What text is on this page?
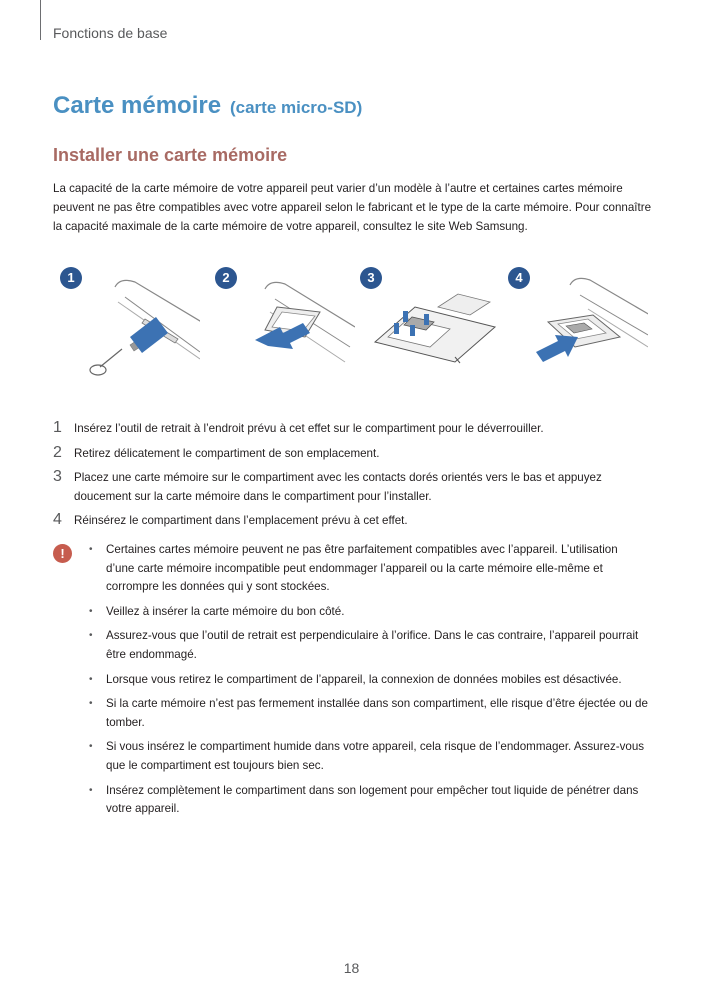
Fonctions de base
Carte mémoire (carte micro-SD)
Installer une carte mémoire

La capacité de la carte mémoire de votre appareil peut varier d’un modèle à l’autre et certaines cartes mémoire peuvent ne pas être compatibles avec votre appareil selon le fabricant et le type de la carte mémoire. Pour connaître la capacité maximale de la carte mémoire de votre appareil, consultez le site Web Samsung.

1	2	3	4
1 Insérez l’outil de retrait à l’endroit prévu à cet effet sur le compartiment pour le déverrouiller.
2 Retirez délicatement le compartiment de son emplacement.
3 Placez une carte mémoire sur le compartiment avec les contacts dorés orientés vers le bas et appuyez doucement sur la carte mémoire dans le compartiment pour l’installer.
4 Réinsérez le compartiment dans l’emplacement prévu à cet effet.
!
•	Certaines cartes mémoire peuvent ne pas être parfaitement compatibles avec l’appareil. L’utilisation d’une carte mémoire incompatible peut endommager l’appareil ou la carte mémoire elle-même et corrompre les données qui y sont stockées.
• Veillez à insérer la carte mémoire du bon côté.
• Assurez-vous que l’outil de retrait est perpendiculaire à l’orifice. Dans le cas contraire, l’appareil pourrait être endommagé.
• Lorsque vous retirez le compartiment de l’appareil, la connexion de données mobiles est désactivée.
• Si la carte mémoire n’est pas fermement installée dans son compartiment, elle risque d’être éjectée ou de tomber.
• Si vous insérez le compartiment humide dans votre appareil, cela risque de l’endommager. Assurez-vous que le compartiment est toujours bien sec.
• Insérez complètement le compartiment dans son logement pour empêcher tout liquide de pénétrer dans votre appareil.
18
